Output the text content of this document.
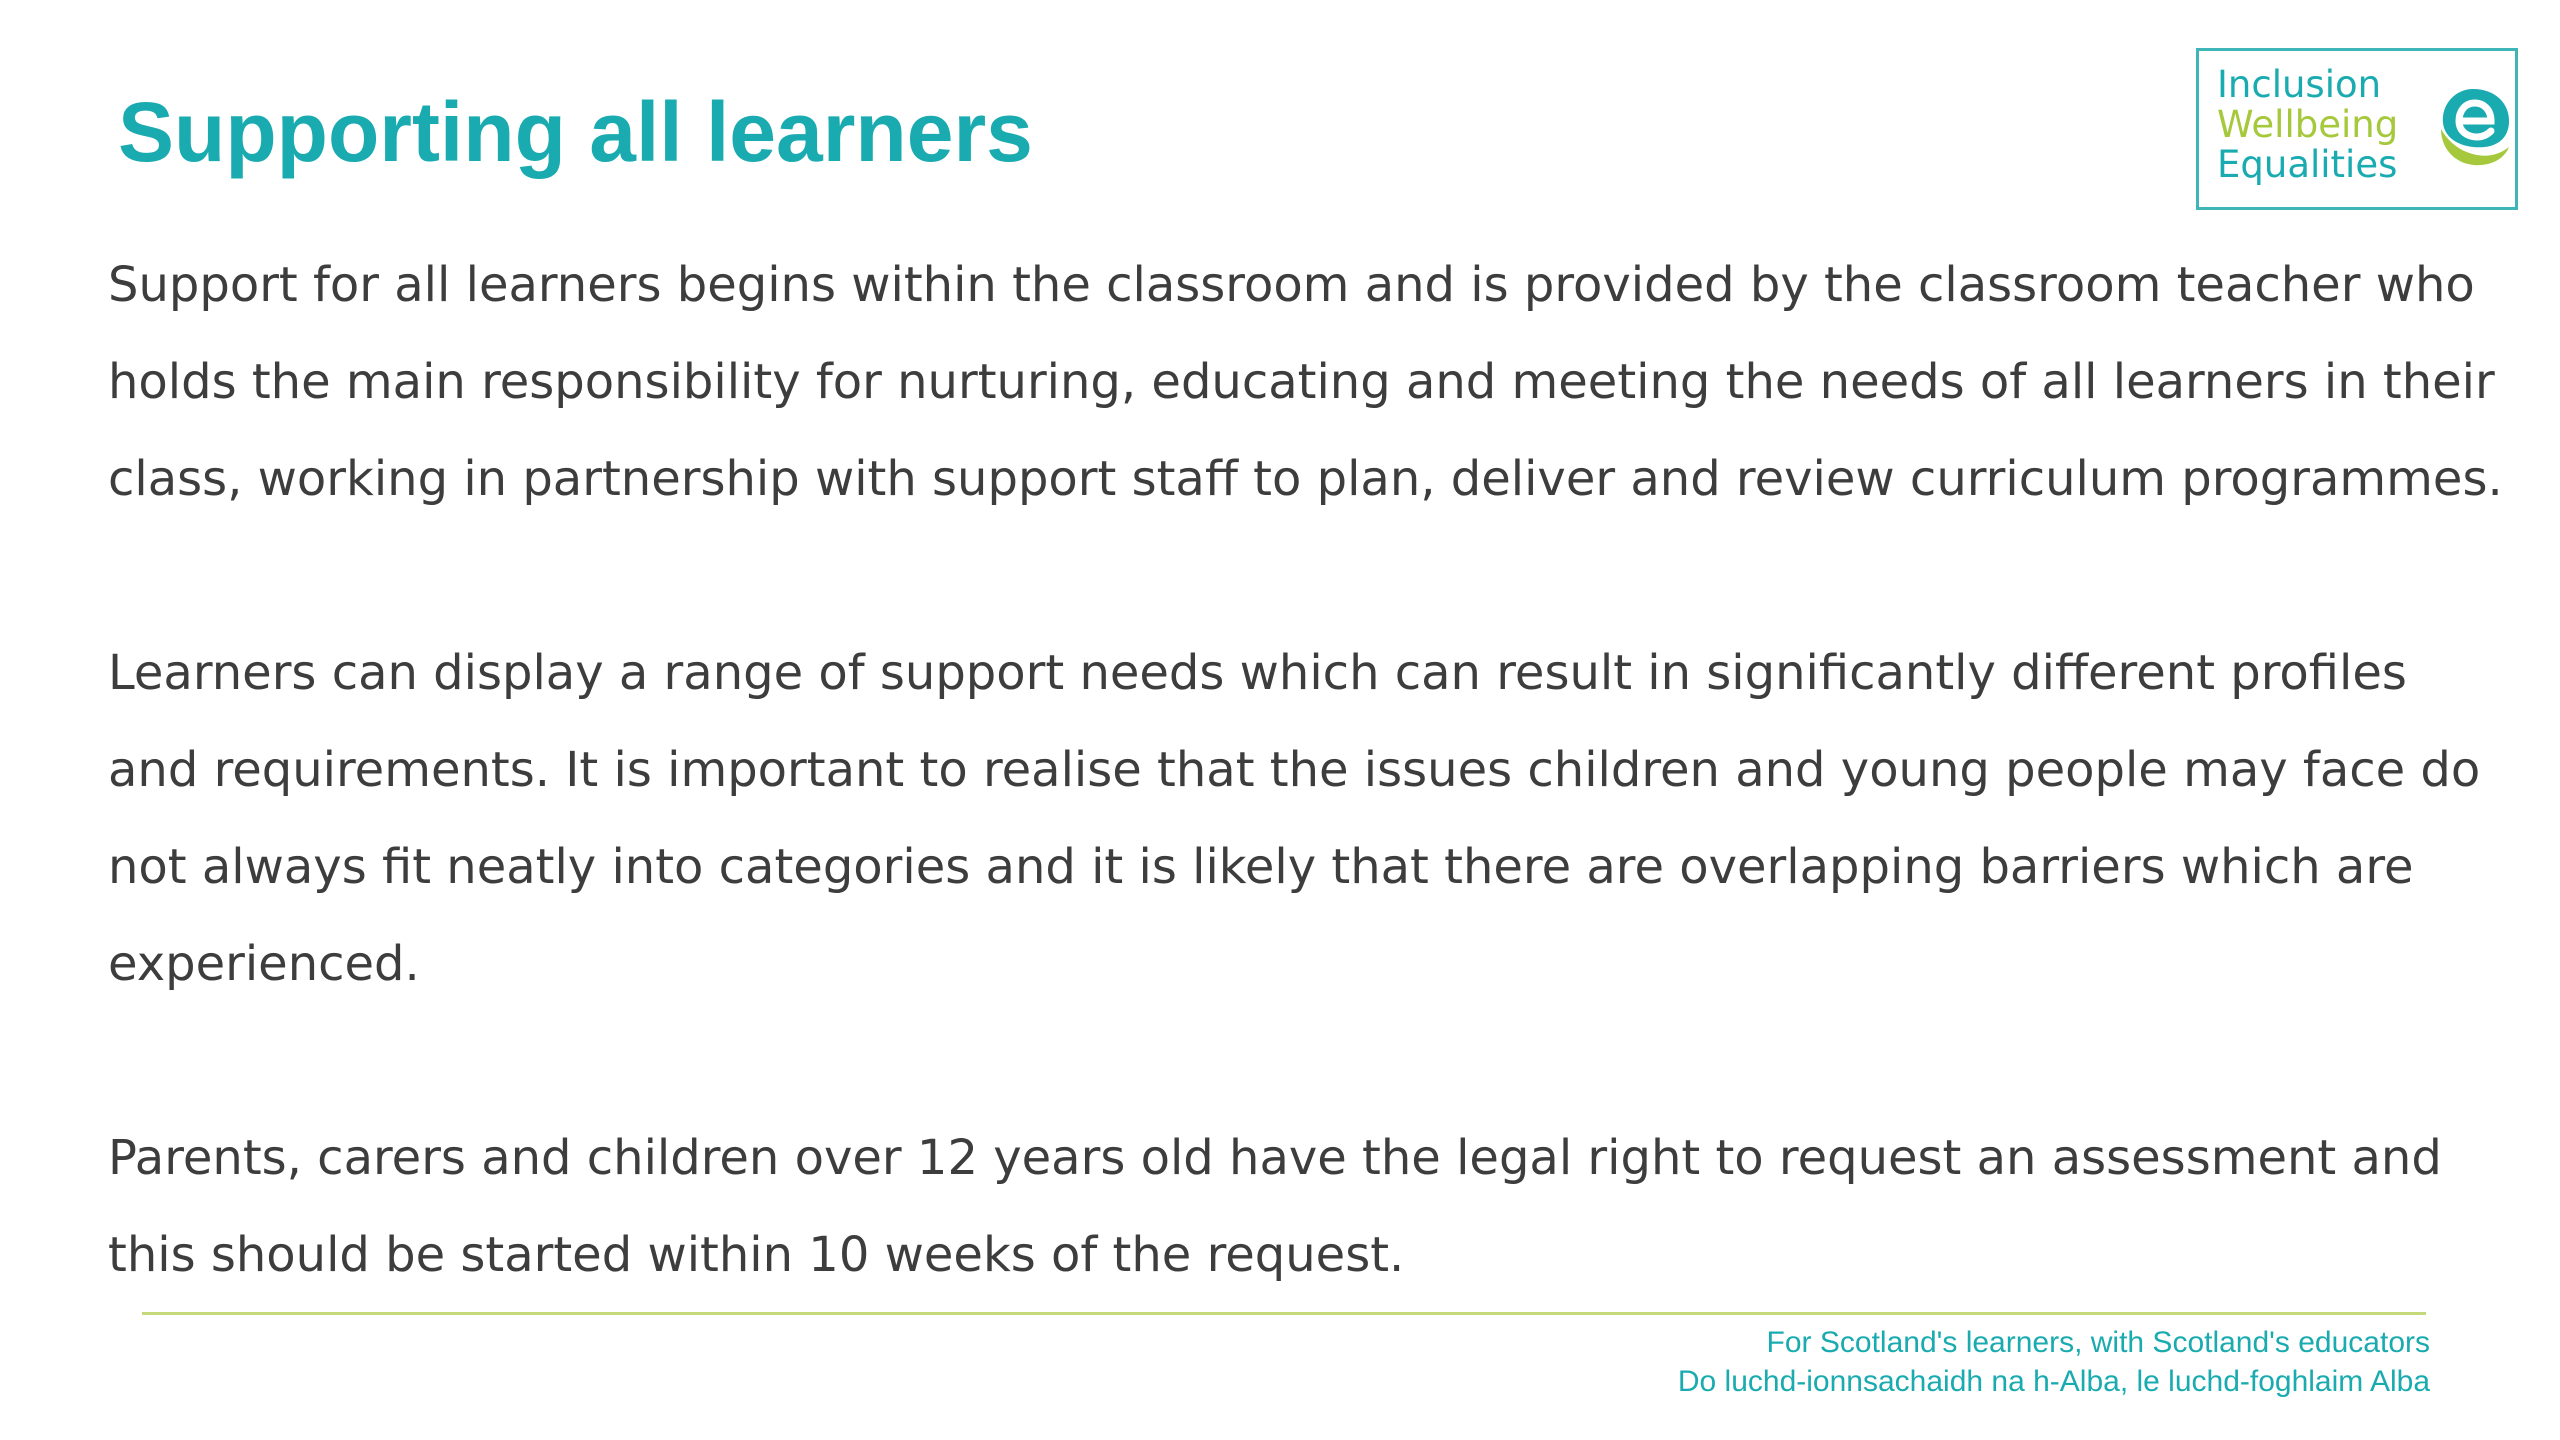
Supporting all learners
Inclusion
Wellbeing
Equalities

Support for all learners begins within the classroom and is provided by the classroom teacher who holds the main responsibility for nurturing, educating and meeting the needs of all learners in their class, working in partnership with support staff to plan, deliver and review curriculum programmes.

Learners can display a range of support needs which can result in significantly different profiles and requirements. It is important to realise that the issues children and young people may face do not always fit neatly into categories and it is likely that there are overlapping barriers which are experienced.

Parents, carers and children over 12 years old have the legal right to request an assessment and this should be started within 10 weeks of the request.

For Scotland's learners, with Scotland's educators
Do luchd-ionnsachaidh na h-Alba, le luchd-foghlaim Alba
